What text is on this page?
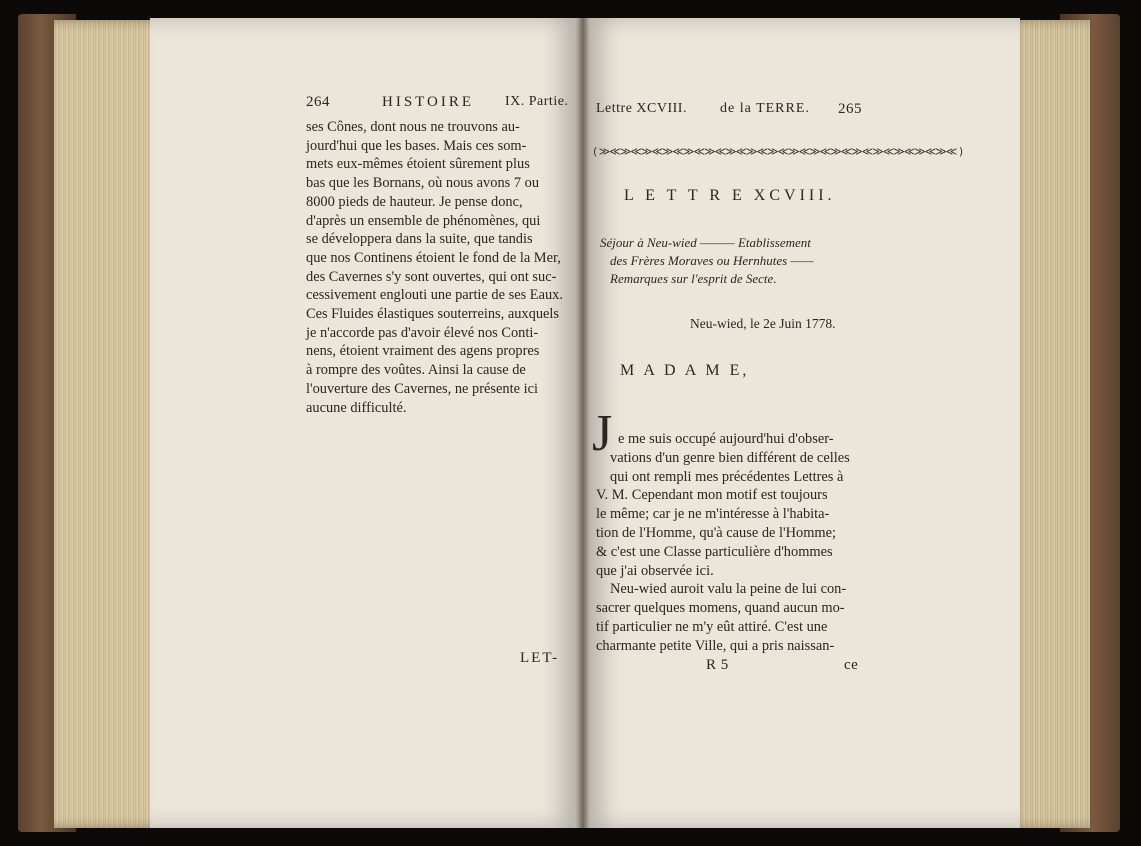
264	HISTOIRE IX. Partie.
ses Cônes, dont nous ne trouvons au-
jourd'hui que les bases. Mais ces som-
mets eux-mêmes étoient sûrement plus
bas que les Bornans, où nous avons 7 ou
8000 pieds de hauteur. Je pense donc,
d'après un ensemble de phénomènes, qui
se développera dans la suite, que tandis
que nos Continens étoient le fond de la Mer,
des Cavernes s'y sont ouvertes, qui ont suc-
cessivement englouti une partie de ses Eaux.
Ces Fluides élastiques souterreins, auxquels
je n'accorde pas d'avoir élevé nos Conti-
nens, étoient vraiment des agens propres
à rompre des voûtes. Ainsi la cause de
l'ouverture des Cavernes, ne présente ici
aucune difficulté.
LET-
Lettre XCVIII. de la TERRE. 265
( ≫≪≫≪≫≪≫≪≫≪≫≪≫≪≫≪≫≪≫≪≫≪≫≪≫≪≫≪≫≪≫≪≫≪ )
L E T T R E XCVIII.
Séjour à Neu-wied ——— Etablissement
des Frères Moraves ou Hernhutes ——
Remarques sur l'esprit de Secte.
Neu-wied, le 2e Juin 1778.
M A D A M E,
J e me suis occupé aujourd'hui d'obser-
vations d'un genre bien différent de celles
qui ont rempli mes précédentes Lettres à
V. M. Cependant mon motif est toujours
le même; car je ne m'intéresse à l'habita-
tion de l'Homme, qu'à cause de l'Homme;
& c'est une Classe particulière d'hommes
que j'ai observée ici.
Neu-wied auroit valu la peine de lui con-
sacrer quelques momens, quand aucun mo-
tif particulier ne m'y eût attiré. C'est une
charmante petite Ville, qui a pris naissan-
R 5	ce
